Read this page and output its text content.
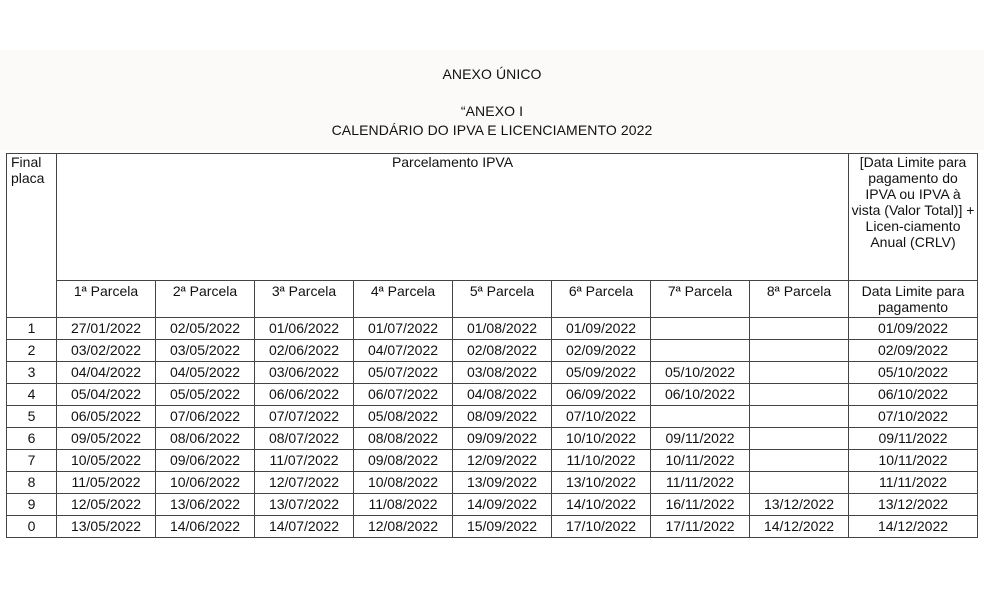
ANEXO ÚNICO
“ANEXO I
CALENDÁRIO DO IPVA E LICENCIAMENTO 2022
Final placa	Parcelamento IPVA								[Data Limite para pagamento do IPVA ou IPVA à vista (Valor Total)] + Licen-ciamento Anual (CRLV)
	1ª Parcela	2ª Parcela	3ª Parcela	4ª Parcela	5ª Parcela	6ª Parcela	7ª Parcela	8ª Parcela	Data Limite para pagamento
1	27/01/2022	02/05/2022	01/06/2022	01/07/2022	01/08/2022	01/09/2022			01/09/2022
2	03/02/2022	03/05/2022	02/06/2022	04/07/2022	02/08/2022	02/09/2022			02/09/2022
3	04/04/2022	04/05/2022	03/06/2022	05/07/2022	03/08/2022	05/09/2022	05/10/2022		05/10/2022
4	05/04/2022	05/05/2022	06/06/2022	06/07/2022	04/08/2022	06/09/2022	06/10/2022		06/10/2022
5	06/05/2022	07/06/2022	07/07/2022	05/08/2022	08/09/2022	07/10/2022			07/10/2022
6	09/05/2022	08/06/2022	08/07/2022	08/08/2022	09/09/2022	10/10/2022	09/11/2022		09/11/2022
7	10/05/2022	09/06/2022	11/07/2022	09/08/2022	12/09/2022	11/10/2022	10/11/2022		10/11/2022
8	11/05/2022	10/06/2022	12/07/2022	10/08/2022	13/09/2022	13/10/2022	11/11/2022		11/11/2022
9	12/05/2022	13/06/2022	13/07/2022	11/08/2022	14/09/2022	14/10/2022	16/11/2022	13/12/2022	13/12/2022
0	13/05/2022	14/06/2022	14/07/2022	12/08/2022	15/09/2022	17/10/2022	17/11/2022	14/12/2022	14/12/2022
